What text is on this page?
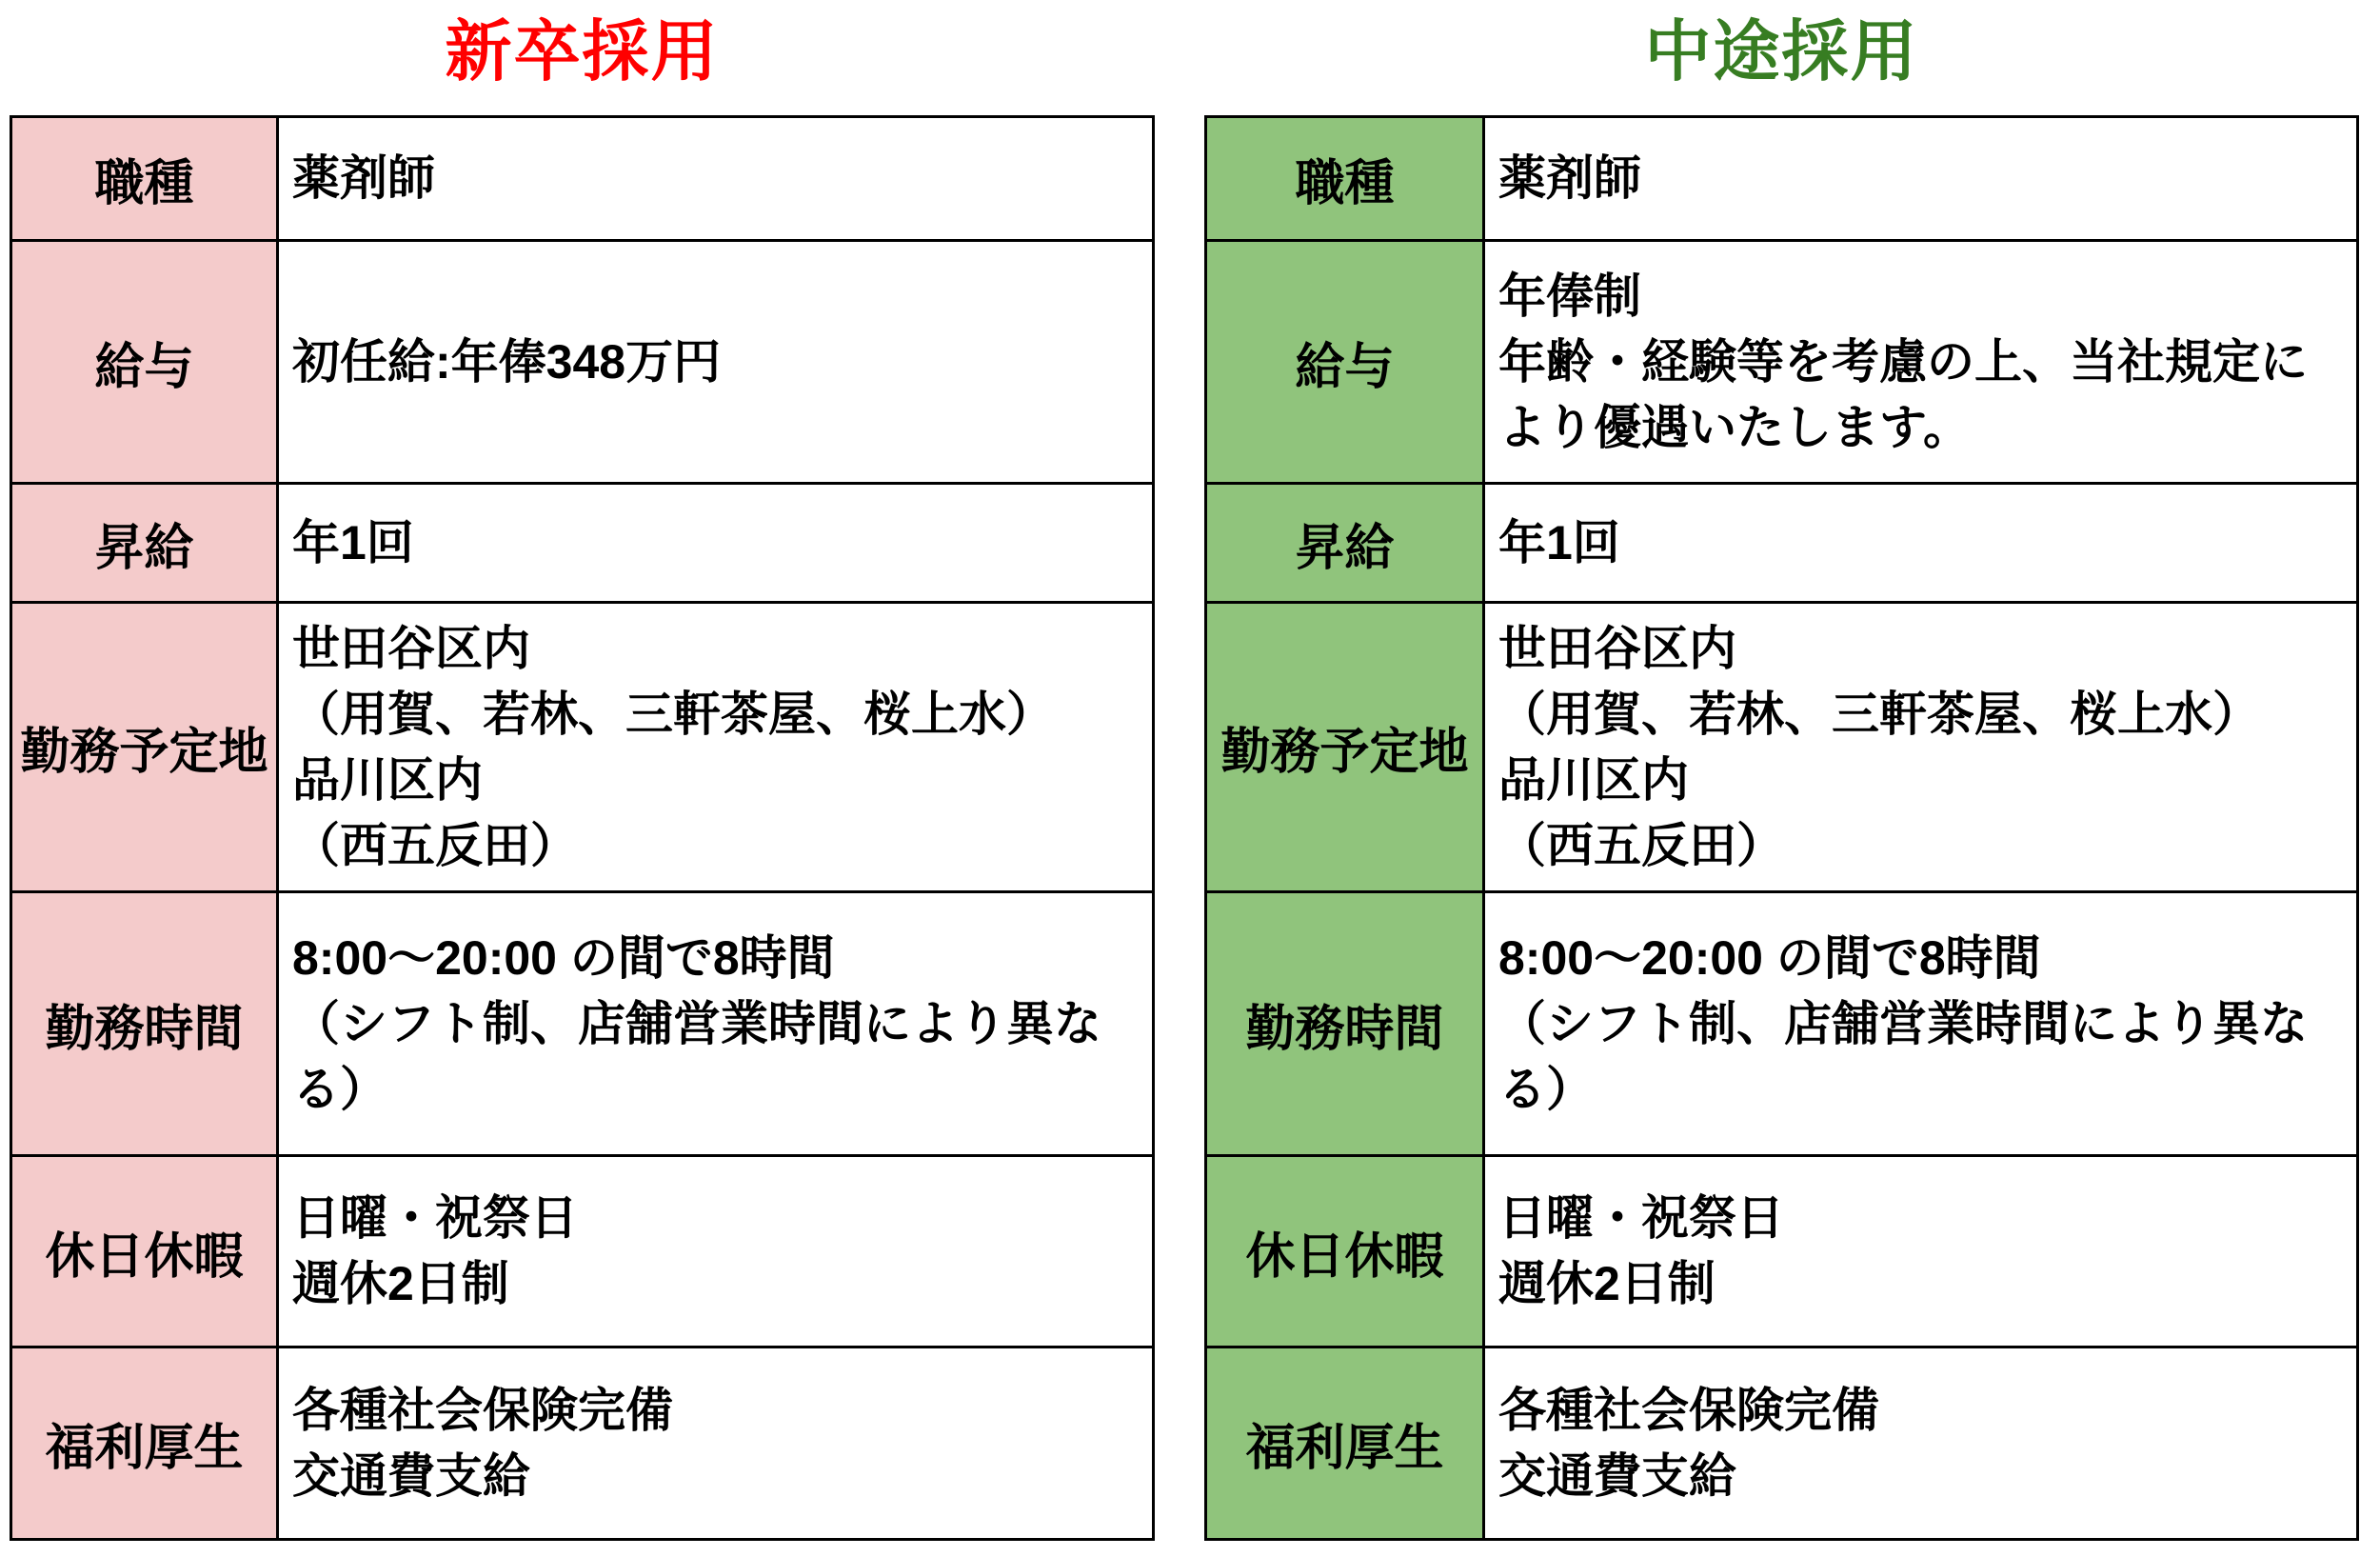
新卒採用
職種	薬剤師

給与	初任給:年俸348万円

昇給	年1回

勤務予定地	世田谷区内
（用賀、若林、三軒茶屋、桜上水）
品川区内
（西五反田）

勤務時間	8:00～20:00 の間で8時間
（シフト制、店舗営業時間により異なる）

休日休暇	日曜・祝祭日
週休2日制

福利厚生	各種社会保険完備
交通費支給
中途採用
職種	薬剤師

給与	年俸制
年齢・経験等を考慮の上、当社規定により優遇いたします。

昇給	年1回

勤務予定地	世田谷区内
（用賀、若林、三軒茶屋、桜上水）
品川区内
（西五反田）

勤務時間	8:00～20:00 の間で8時間
（シフト制、店舗営業時間により異なる）

休日休暇	日曜・祝祭日
週休2日制

福利厚生	各種社会保険完備
交通費支給
